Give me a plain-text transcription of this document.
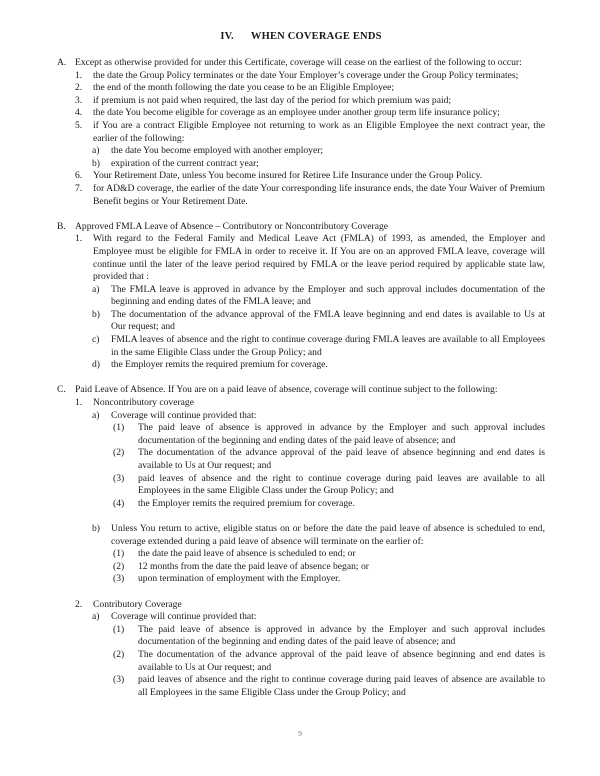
IV. WHEN COVERAGE ENDS
A. Except as otherwise provided for under this Certificate, coverage will cease on the earliest of the following to occur:
1.	the date the Group Policy terminates or the date Your Employer’s coverage under the Group Policy terminates;
2.	the end of the month following the date you cease to be an Eligible Employee;
3.	if premium is not paid when required, the last day of the period for which premium was paid;
4.	the date You become eligible for coverage as an employee under another group term life insurance policy;
5.	if You are a contract Eligible Employee not returning to work as an Eligible Employee the next contract year, the earlier of the following:
a)	the date You become employed with another employer;
b)	expiration of the current contract year;
6.	Your Retirement Date, unless You become insured for Retiree Life Insurance under the Group Policy.
7.	for AD&D coverage, the earlier of the date Your corresponding life insurance ends, the date Your Waiver of Premium Benefit begins or Your Retirement Date.
B. Approved FMLA Leave of Absence – Contributory or Noncontributory Coverage
1.	With regard to the Federal Family and Medical Leave Act (FMLA) of 1993, as amended, the Employer and Employee must be eligible for FMLA in order to receive it. If You are on an approved FMLA leave, coverage will continue until the later of the leave period required by FMLA or the leave period required by applicable state law, provided that :
a)	The FMLA leave is approved in advance by the Employer and such approval includes documentation of the beginning and ending dates of the FMLA leave; and
b)	The documentation of the advance approval of the FMLA leave beginning and end dates is available to Us at Our request; and
c)	FMLA leaves of absence and the right to continue coverage during FMLA leaves are available to all Employees in the same Eligible Class under the Group Policy; and
d)	the Employer remits the required premium for coverage.
C. Paid Leave of Absence. If You are on a paid leave of absence, coverage will continue subject to the following:
1.	Noncontributory coverage
a)	Coverage will continue provided that:
(1)	The paid leave of absence is approved in advance by the Employer and such approval includes documentation of the beginning and ending dates of the paid leave of absence; and
(2)	The documentation of the advance approval of the paid leave of absence beginning and end dates is available to Us at Our request; and
(3)	paid leaves of absence and the right to continue coverage during paid leaves are available to all Employees in the same Eligible Class under the Group Policy; and
(4)	the Employer remits the required premium for coverage.
b)	Unless You return to active, eligible status on or before the date the paid leave of absence is scheduled to end, coverage extended during a paid leave of absence will terminate on the earlier of:
(1)	the date the paid leave of absence is scheduled to end; or
(2)	12 months from the date the paid leave of absence began; or
(3)	upon termination of employment with the Employer.
2.	Contributory Coverage
a)	Coverage will continue provided that:
(1)	The paid leave of absence is approved in advance by the Employer and such approval includes documentation of the beginning and ending dates of the paid leave of absence; and
(2)	The documentation of the advance approval of the paid leave of absence beginning and end dates is available to Us at Our request; and
(3)	paid leaves of absence and the right to continue coverage during paid leaves of absence are available to all Employees in the same Eligible Class under the Group Policy; and
9
